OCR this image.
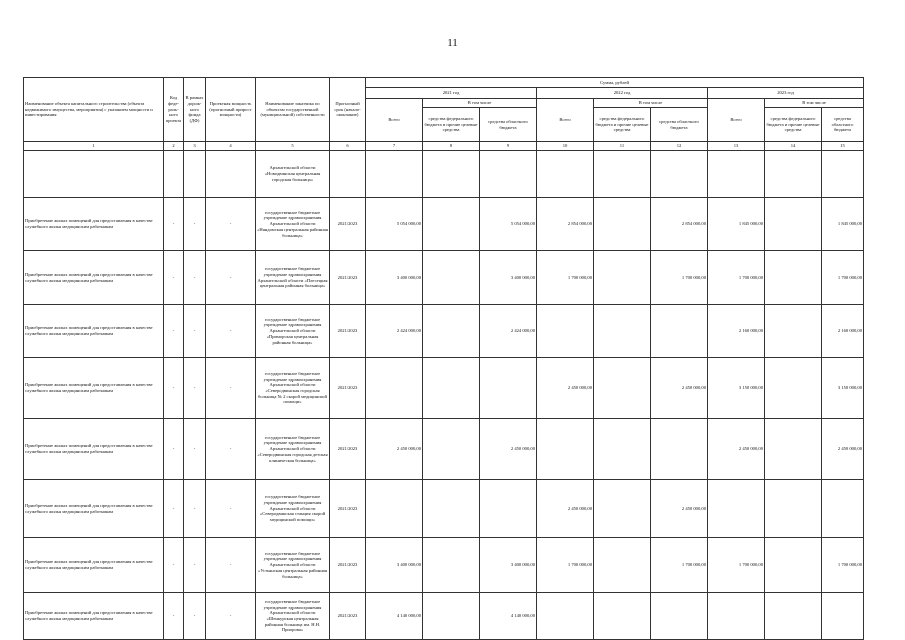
11
Наименование объекта капитального строительства (объекта недвижимого имущества, мероприятия) с указанием мощности и инвестирования	Код феде-раль-ного проекта	В рамках дорож-ного фонда (ДФ)	Проектная мощность (прогнозный прирост мощности)	Наименование заказчика по объектам государственной (муниципальной) собственности	Прогнозный срок (начало-окончание)	Сумма, рублей								
						2021 год			2022 год			2023 год		
						Всего	В том числе		Всего	В том числе		Всего	В том числе	
							средства федерального бюджета и прочие целевые средства	средства областного бюджета		средства федерального бюджета и прочие целевые средства	средства областного бюджета		средства федерального бюджета и прочие целевые средства	средства областного бюджета
1	2	3	4	5	6	7	8	9	10	11	12	13	14	15
				Архангельской области «Новодвинская центральная городская больница»										
Приобретение жилых помещений для предоставления в качестве служебного жилья медицинским работникам	-	-	-	государственное бюджетное учреждение здравоохранения Архангельской области «Няндомская центральная районная больница»	2021/2023	5 054 000,00		5 054 000,00	2 854 000,00		2 854 000,00	1 845 000,00		1 845 000,00
Приобретение жилых помещений для предоставления в качестве служебного жилья медицинским работникам	-	-	-	государственное бюджетное учреждение здравоохранения Архангельской области «Плесецкая центральная районная больница»	2021/2023	3 400 000,00		3 400 000,00	1 700 000,00		1 700 000,00	1 700 000,00		1 700 000,00
Приобретение жилых помещений для предоставления в качестве служебного жилья медицинским работникам	-	-	-	государственное бюджетное учреждение здравоохранения Архангельской области «Приморская центральная районная больница»	2021/2023	2 424 000,00		2 424 000,00				2 160 000,00		2 160 000,00
Приобретение жилых помещений для предоставления в качестве служебного жилья медицинским работникам	-	-	-	государственное бюджетное учреждение здравоохранения Архангельской области «Северодвинская городская больница № 2 скорой медицинской помощи»	2021/2023				2 450 000,00		2 450 000,00	3 150 000,00		3 150 000,00
Приобретение жилых помещений для предоставления в качестве служебного жилья медицинским работникам	-	-	-	государственное бюджетное учреждение здравоохранения Архангельской области «Северодвинская городская детская клиническая больница»	2021/2023	2 450 000,00		2 450 000,00				2 450 000,00		2 450 000,00
Приобретение жилых помещений для предоставления в качестве служебного жилья медицинским работникам	-	-	-	государственное бюджетное учреждение здравоохранения Архангельской области «Северодвинская станция скорой медицинской помощи»	2021/2023				2 450 000,00		2 450 000,00			
Приобретение жилых помещений для предоставления в качестве служебного жилья медицинским работникам	-	-	-	государственное бюджетное учреждение здравоохранения Архангельской области «Устьянская центральная районная больница»	2021/2023	3 400 000,00		3 400 000,00	1 700 000,00		1 700 000,00	1 700 000,00		1 700 000,00
Приобретение жилых помещений для предоставления в качестве служебного жилья медицинским работникам	-	-	-	государственное бюджетное учреждение здравоохранения Архангельской области «Шенкурская центральная районная больница им. Н.Н. Приорова»	2021/2023	4 140 000,00		4 140 000,00						
